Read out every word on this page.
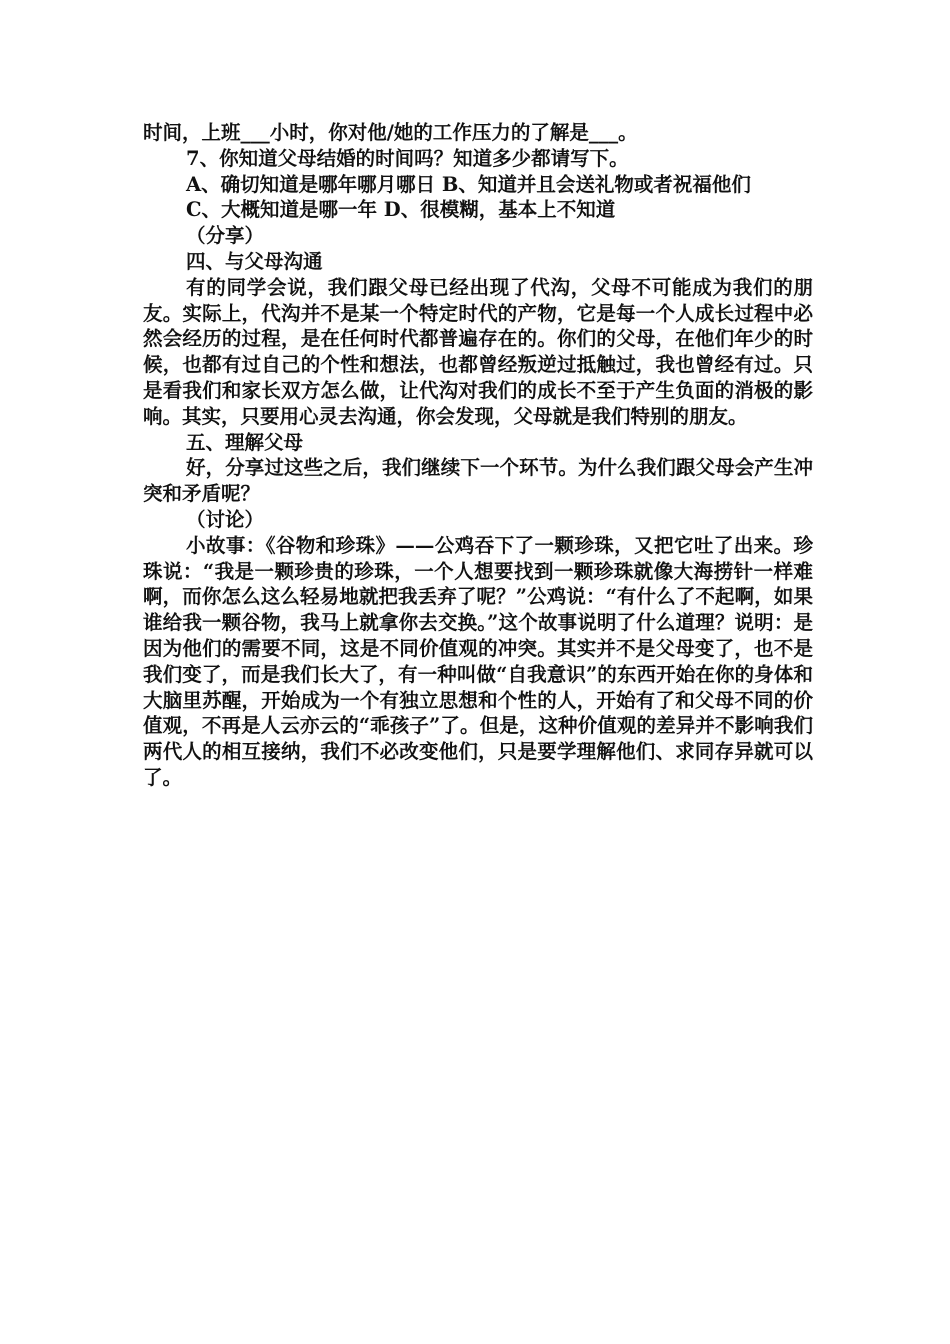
时间，上班___小时，你对他/她的工作压力的了解是___。

7、你知道父母结婚的时间吗？知道多少都请写下。

A、确切知道是哪年哪月哪日 B、知道并且会送礼物或者祝福他们

C、大概知道是哪一年 D、很模糊，基本上不知道

（分享）

四、与父母沟通

有的同学会说，我们跟父母已经出现了代沟，父母不可能成为我们的朋友。实际上，代沟并不是某一个特定时代的产物，它是每一个人成长过程中必然会经历的过程，是在任何时代都普遍存在的。你们的父母，在他们年少的时候，也都有过自己的个性和想法，也都曾经叛逆过抵触过，我也曾经有过。只是看我们和家长双方怎么做，让代沟对我们的成长不至于产生负面的消极的影响。其实，只要用心灵去沟通，你会发现，父母就是我们特别的朋友。

五、理解父母

好，分享过这些之后，我们继续下一个环节。为什么我们跟父母会产生冲突和矛盾呢？

（讨论）

小故事：《谷物和珍珠》——公鸡吞下了一颗珍珠，又把它吐了出来。珍珠说：“我是一颗珍贵的珍珠，一个人想要找到一颗珍珠就像大海捞针一样难啊，而你怎么这么轻易地就把我丢弃了呢？”公鸡说：“有什么了不起啊，如果谁给我一颗谷物，我马上就拿你去交换。”这个故事说明了什么道理？说明：是因为他们的需要不同，这是不同价值观的冲突。其实并不是父母变了，也不是我们变了，而是我们长大了，有一种叫做“自我意识”的东西开始在你的身体和大脑里苏醒，开始成为一个有独立思想和个性的人，开始有了和父母不同的价值观，不再是人云亦云的“乖孩子”了。但是，这种价值观的差异并不影响我们两代人的相互接纳，我们不必改变他们，只是要学理解他们、求同存异就可以了。
